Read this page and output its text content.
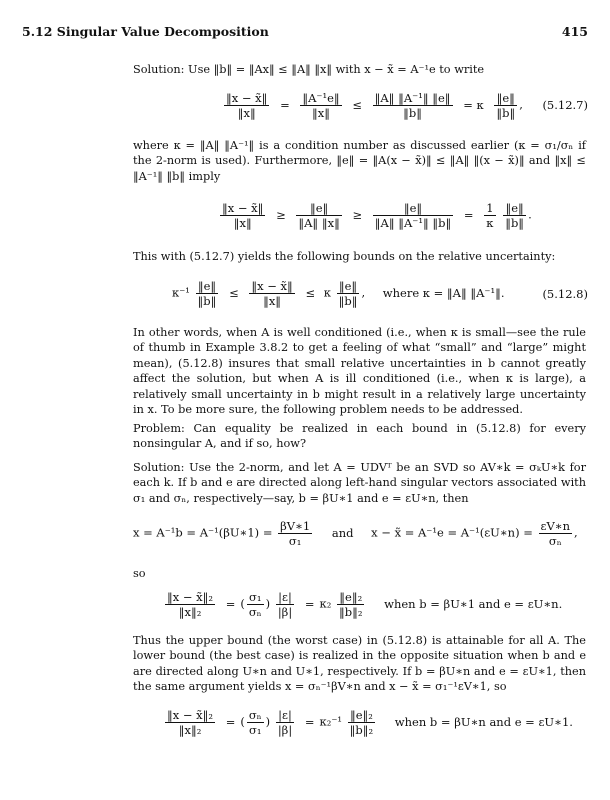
5.12 Singular Value Decomposition	415

Solution: Use ‖b‖ = ‖Ax‖ ≤ ‖A‖ ‖x‖ with x − x̃ = A⁻¹e to write

$\frac{‖x - x̃‖}{‖x‖} = \frac{\text{‖A⁻¹e‖}}{‖x‖} \le \frac{\text{‖A‖ ‖A⁻¹‖ ‖e‖}}{‖b‖} = \kappa \frac{‖e‖}{‖b‖}$ , (5.12.7)

where κ = ‖A‖ ‖A⁻¹‖ is a condition number as discussed earlier (κ = σ₁/σₙ if the 2-norm is used). Furthermore, ‖e‖ = ‖A(x − x̃)‖ ≤ ‖A‖ ‖(x − x̃)‖ and ‖x‖ ≤ ‖A⁻¹‖ ‖b‖ imply

$\frac{‖x - x̃‖}{‖x‖} \ge \frac{‖e‖}{‖A‖ ‖x‖} \ge \frac{‖e‖}{\text{‖A‖ ‖A⁻¹‖ ‖b‖}} = \frac{1}{\kappa}$
$\frac{‖e‖}{‖b‖}$ .

This with (5.12.7) yields the following bounds on the relative uncertainty:

$\kappa^{-1} \frac{‖e‖}{‖b‖} \le \frac{‖x - x̃‖}{‖x‖} \le \kappa \frac{‖e‖}{‖b‖}$ , where κ = ‖A‖ ‖A⁻¹‖.	(5.12.8)

In other words, when A is well conditioned (i.e., when κ is small—see the rule of thumb in Example 3.8.2 to get a feeling of what “small” and “large” might mean), (5.12.8) insures that small relative uncertainties in b cannot greatly affect the solution, but when A is ill conditioned (i.e., when κ is large), a relatively small uncertainty in b might result in a relatively large uncertainty in x. To be more sure, the following problem needs to be addressed.

Problem: Can equality be realized in each bound in (5.12.8) for every nonsingular A, and if so, how?

Solution: Use the 2-norm, and let A = UDVᵀ be an SVD so AV∗k = σₖU∗k for each k. If b and e are directed along left-hand singular vectors associated with σ₁ and σₙ, respectively—say, b = βU∗1 and e = εU∗n, then

x = A⁻¹b = A⁻¹(βU∗1) = $\frac{\beta V∗1}{\text{σ₁}}$ and x − x̃ = A⁻¹e = A⁻¹(εU∗n) = $\frac{\varepsilon V∗n}{\text{σₙ}}$ ,

so

$\frac{\text{‖x − x̃‖₂}}{\text{‖x‖₂}}$ = ( $\frac{\text{σ₁}}{\text{σₙ}}$ ) $\frac{|\varepsilon|}{|\beta|} = \kappa_2 \frac{\text{‖e‖₂}}{\text{‖b‖₂}}$ when b = βU∗1 and e = εU∗n.

Thus the upper bound (the worst case) in (5.12.8) is attainable for all A. The lower bound (the best case) is realized in the opposite situation when b and e are directed along U∗n and U∗1, respectively. If b = βU∗n and e = εU∗1, then the same argument yields x = σₙ⁻¹βV∗n and x − x̃ = σ₁⁻¹εV∗1, so

$\frac{\text{‖x − x̃‖₂}}{\text{‖x‖₂}}$ = ( $\frac{\text{σₙ}}{\text{σ₁}}$ ) $\frac{|\varepsilon|}{|\beta|} = \kappa_2^{-1} \frac{\text{‖e‖₂}}{\text{‖b‖₂}}$ when b = βU∗n and e = εU∗1.
